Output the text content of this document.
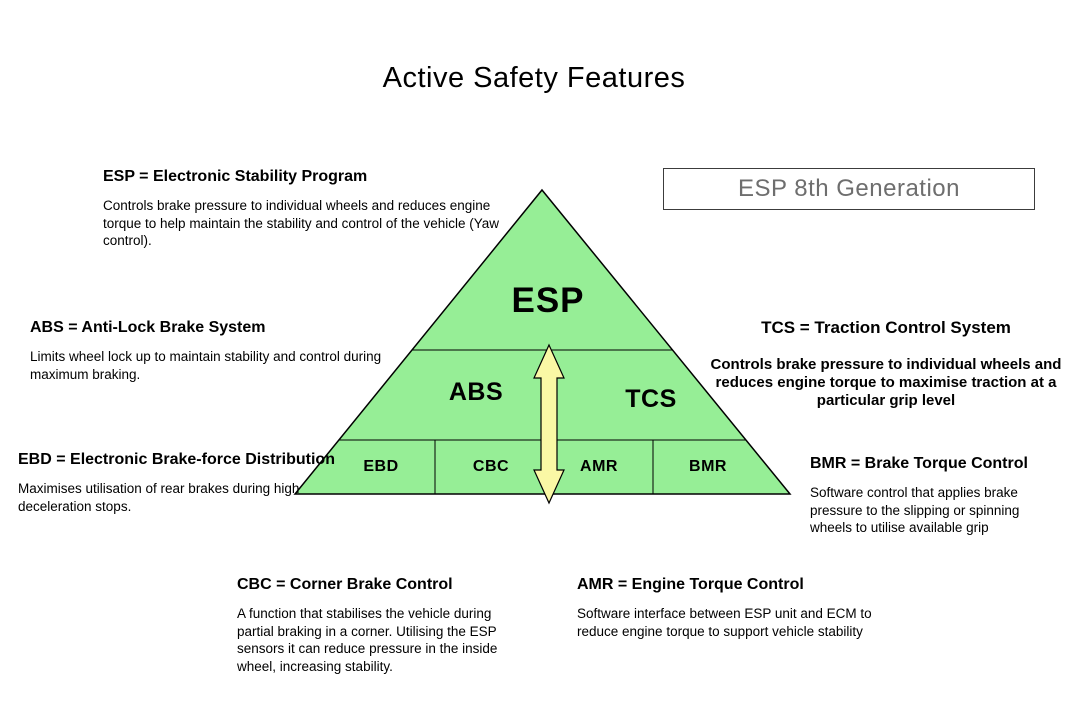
Active Safety Features
ESP
ABS	TCS
EBD	CBC	AMR	BMR
ESP 8th Generation
ESP = Electronic Stability Program

Controls brake pressure to individual wheels and reduces engine torque to help maintain the stability and control of the vehicle (Yaw control).

ABS = Anti-Lock Brake System

Limits wheel lock up to maintain stability and control during maximum braking.

TCS = Traction Control System

Controls brake pressure to individual wheels and reduces engine torque to maximise traction at a particular grip level

EBD = Electronic Brake-force Distribution

Maximises utilisation of rear brakes during high deceleration stops.

BMR = Brake Torque Control

Software control that applies brake pressure to the slipping or spinning wheels to utilise available grip

CBC = Corner Brake Control

A function that stabilises the vehicle during partial braking in a corner. Utilising the ESP sensors it can reduce pressure in the inside wheel, increasing stability.

AMR = Engine Torque Control

Software interface between ESP unit and ECM to reduce engine torque to support vehicle stability
